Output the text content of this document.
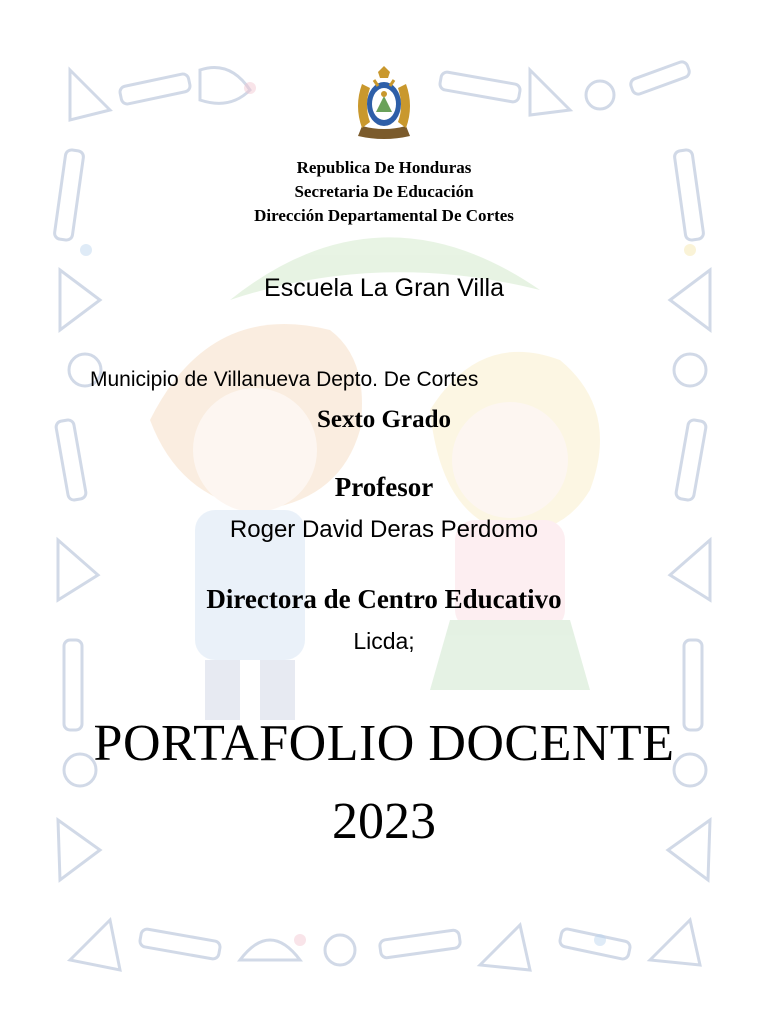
Republica De Honduras
Secretaria De Educación
Dirección Departamental De Cortes
Escuela La Gran Villa
Municipio de Villanueva Depto. De Cortes
Sexto Grado
Profesor
Roger David Deras Perdomo
Directora de Centro Educativo
Licda;
PORTAFOLIO DOCENTE
2023
